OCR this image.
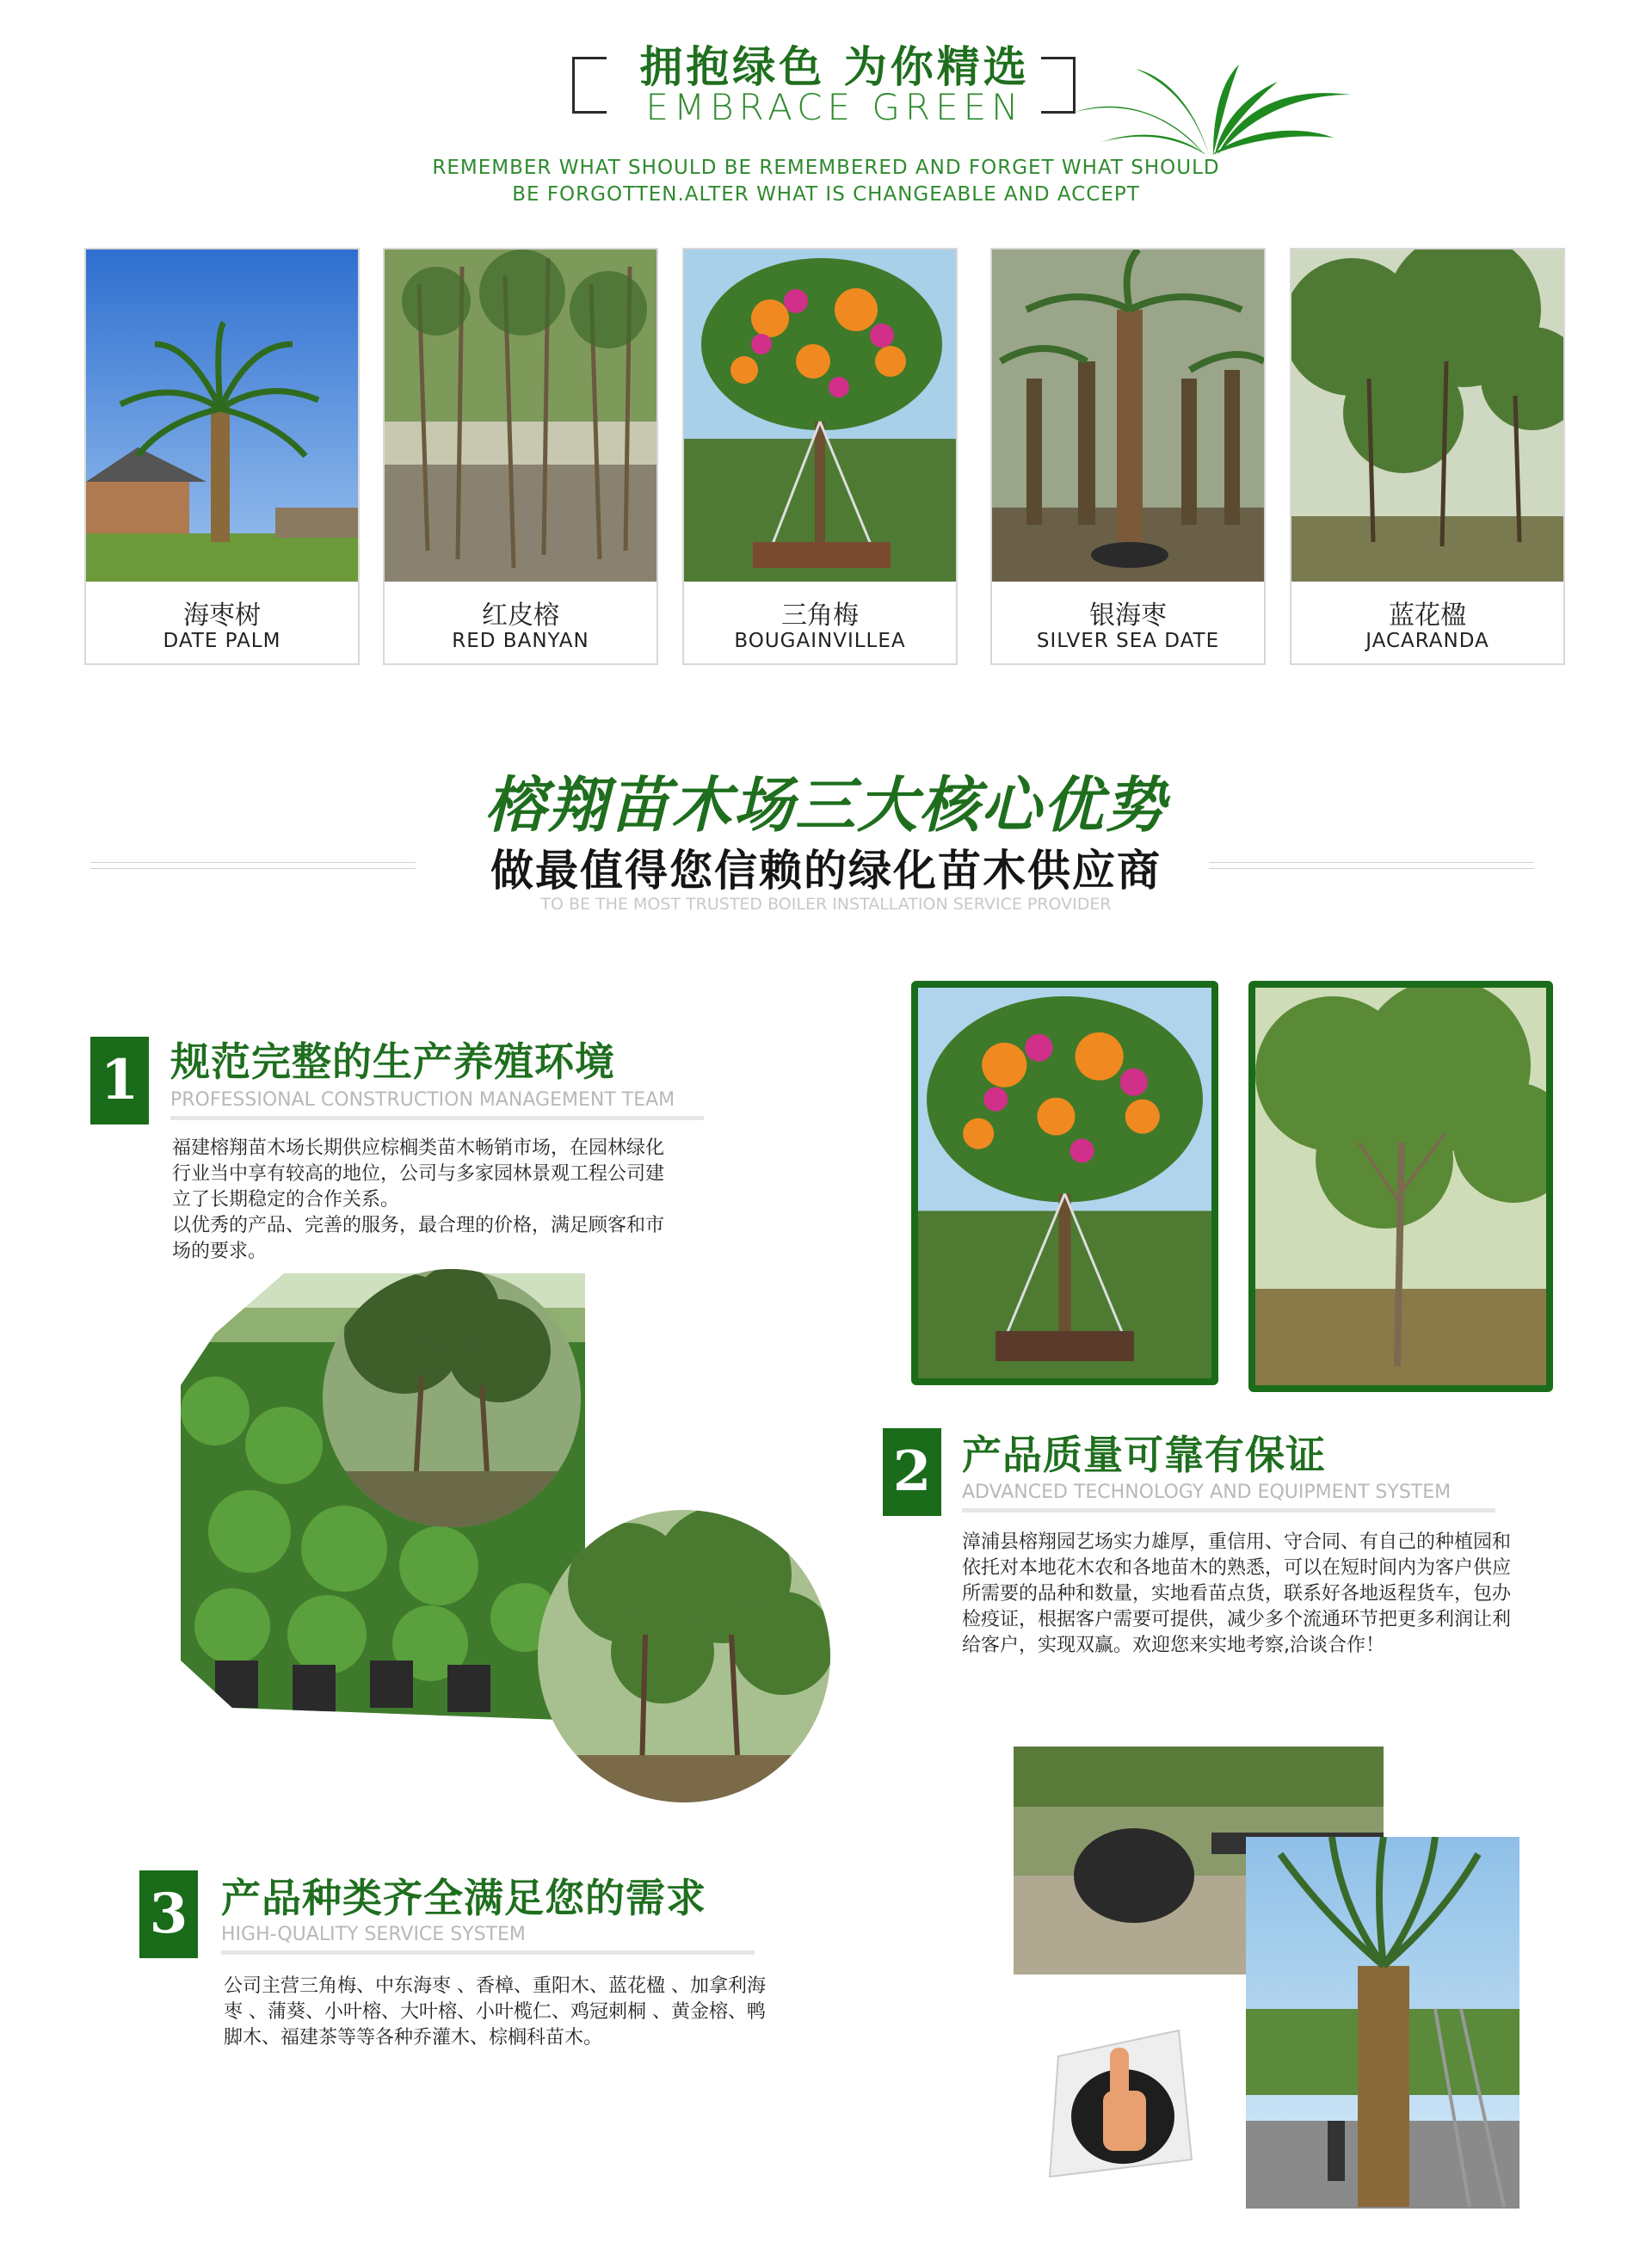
拥抱绿色 为你精选
EMBRACE GREEN
REMEMBER WHAT SHOULD BE REMEMBERED AND FORGET WHAT SHOULD
BE FORGOTTEN.ALTER WHAT IS CHANGEABLE AND ACCEPT
海枣树
DATE PALM
红皮榕
RED BANYAN
三角梅
BOUGAINVILLEA
银海枣
SILVER SEA DATE
蓝花楹
JACARANDA
榕翔苗木场三大核心优势
做最值得您信赖的绿化苗木供应商
TO BE THE MOST TRUSTED BOILER INSTALLATION SERVICE PROVIDER
1 规范完整的生产养殖环境
PROFESSIONAL CONSTRUCTION MANAGEMENT TEAM
福建榕翔苗木场长期供应棕榈类苗木畅销市场，在园林绿化
行业当中享有较高的地位，公司与多家园林景观工程公司建
立了长期稳定的合作关系。
以优秀的产品、完善的服务，最合理的价格，满足顾客和市
场的要求。
2 产品质量可靠有保证
ADVANCED TECHNOLOGY AND EQUIPMENT SYSTEM
漳浦县榕翔园艺场实力雄厚，重信用、守合同、有自己的种植园和
依托对本地花木农和各地苗木的熟悉，可以在短时间内为客户供应
所需要的品种和数量，实地看苗点货，联系好各地返程货车，包办
检疫证，根据客户需要可提供，减少多个流通环节把更多利润让利
给客户，实现双赢。欢迎您来实地考察,洽谈合作！
3 产品种类齐全满足您的需求
HIGH-QUALITY SERVICE SYSTEM
公司主营三角梅、中东海枣 、香樟、重阳木、蓝花楹 、加拿利海
枣 、蒲葵、小叶榕、大叶榕、小叶榄仁、鸡冠刺桐 、黄金榕、鸭
脚木、福建茶等等各种乔灌木、棕榈科苗木。
